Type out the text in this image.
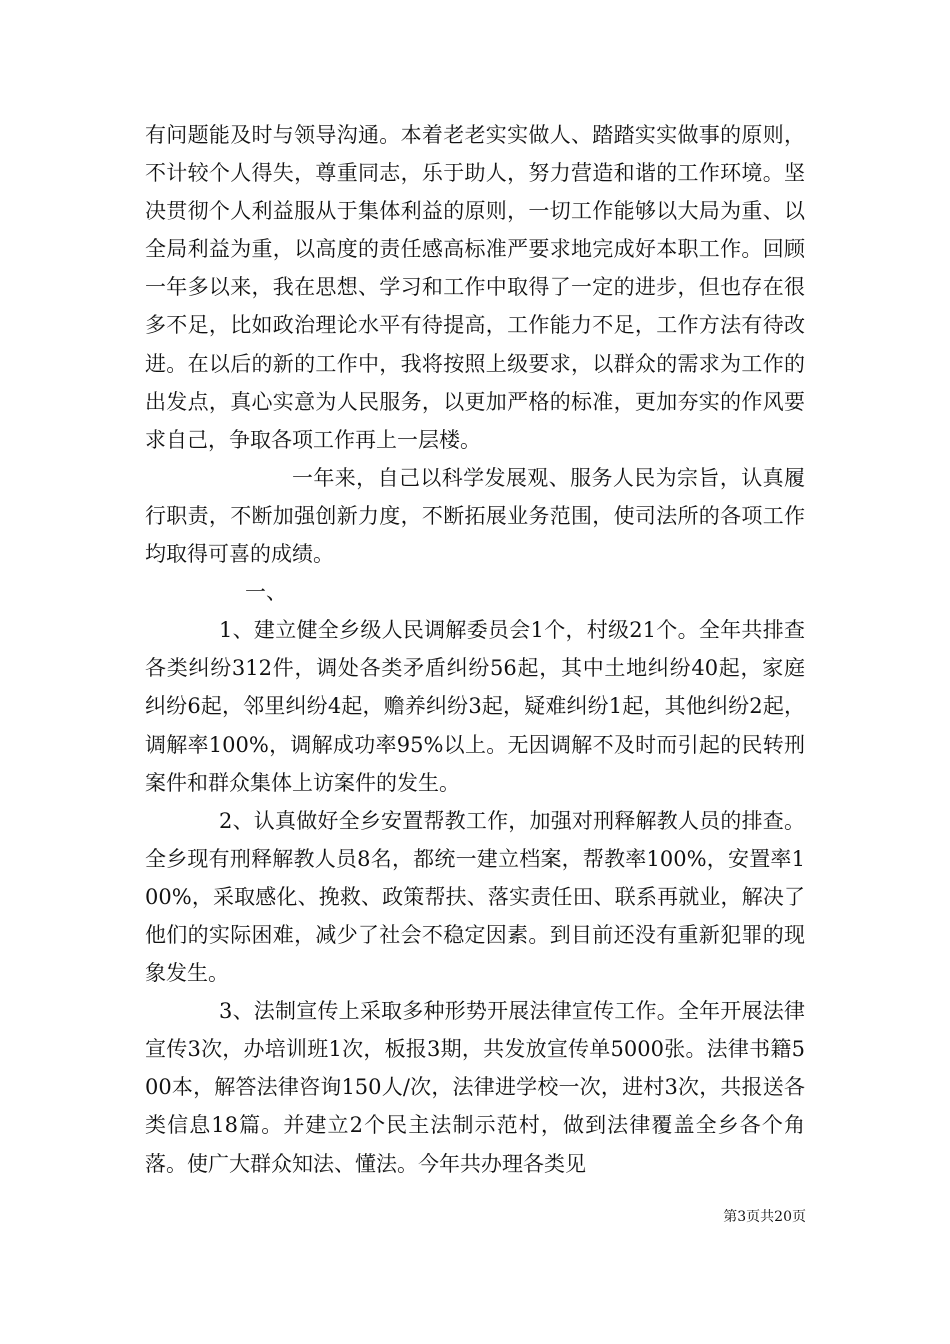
有问题能及时与领导沟通。本着老老实实做人、踏踏实实做事的原则，不计较个人得失，尊重同志，乐于助人，努力营造和谐的工作环境。坚决贯彻个人利益服从于集体利益的原则，一切工作能够以大局为重、以全局利益为重，以高度的责任感高标准严要求地完成好本职工作。回顾一年多以来，我在思想、学习和工作中取得了一定的进步，但也存在很多不足，比如政治理论水平有待提高，工作能力不足，工作方法有待改进。在以后的新的工作中，我将按照上级要求，以群众的需求为工作的出发点，真心实意为人民服务，以更加严格的标准，更加夯实的作风要求自己，争取各项工作再上一层楼。

一年来，自己以科学发展观、服务人民为宗旨，认真履行职责，不断加强创新力度，不断拓展业务范围，使司法所的各项工作均取得可喜的成绩。

一、

1、建立健全乡级人民调解委员会1个，村级21个。全年共排查各类纠纷312件，调处各类矛盾纠纷56起，其中土地纠纷40起，家庭纠纷6起，邻里纠纷4起，赡养纠纷3起，疑难纠纷1起，其他纠纷2起，调解率100%，调解成功率95%以上。无因调解不及时而引起的民转刑案件和群众集体上访案件的发生。

2、认真做好全乡安置帮教工作，加强对刑释解教人员的排查。全乡现有刑释解教人员8名，都统一建立档案，帮教率100%，安置率100%，采取感化、挽救、政策帮扶、落实责任田、联系再就业，解决了他们的实际困难，减少了社会不稳定因素。到目前还没有重新犯罪的现象发生。

3、法制宣传上采取多种形势开展法律宣传工作。全年开展法律宣传3次，办培训班1次，板报3期，共发放宣传单5000张。法律书籍500本，解答法律咨询150人/次，法律进学校一次，进村3次，共报送各类信息18篇。并建立2个民主法制示范村，做到法律覆盖全乡各个角落。使广大群众知法、懂法。今年共办理各类见

第3页共20页
